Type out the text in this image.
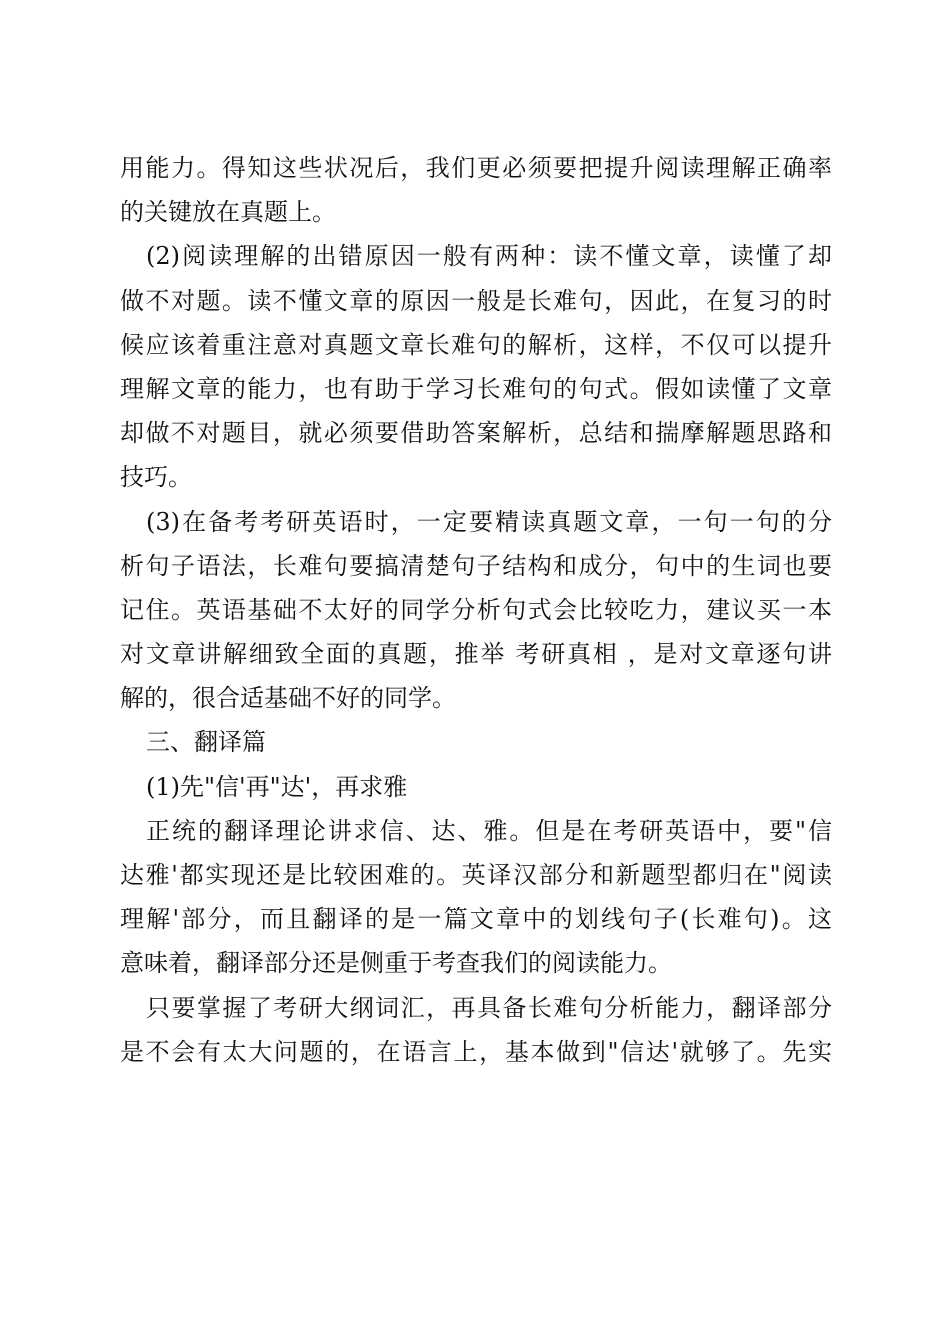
用能力。得知这些状况后，我们更必须要把提升阅读理解正确率
的关键放在真题上。
(2)阅读理解的出错原因一般有两种：读不懂文章，读懂了却
做不对题。读不懂文章的原因一般是长难句，因此，在复习的时
候应该着重注意对真题文章长难句的解析，这样，不仅可以提升
理解文章的能力，也有助于学习长难句的句式。假如读懂了文章
却做不对题目，就必须要借助答案解析，总结和揣摩解题思路和
技巧。
(3)在备考考研英语时，一定要精读真题文章，一句一句的分
析句子语法，长难句要搞清楚句子结构和成分，句中的生词也要
记住。英语基础不太好的同学分析句式会比较吃力，建议买一本
对文章讲解细致全面的真题，推举 考研真相 ，是对文章逐句讲
解的，很合适基础不好的同学。
三、翻译篇
(1)先"信'再"达'，再求雅
正统的翻译理论讲求信、达、雅。但是在考研英语中，要"信
达雅'都实现还是比较困难的。英译汉部分和新题型都归在"阅读
理解'部分，而且翻译的是一篇文章中的划线句子(长难句)。这
意味着，翻译部分还是侧重于考查我们的阅读能力。
只要掌握了考研大纲词汇，再具备长难句分析能力，翻译部分
是不会有太大问题的，在语言上，基本做到"信达'就够了。先实
